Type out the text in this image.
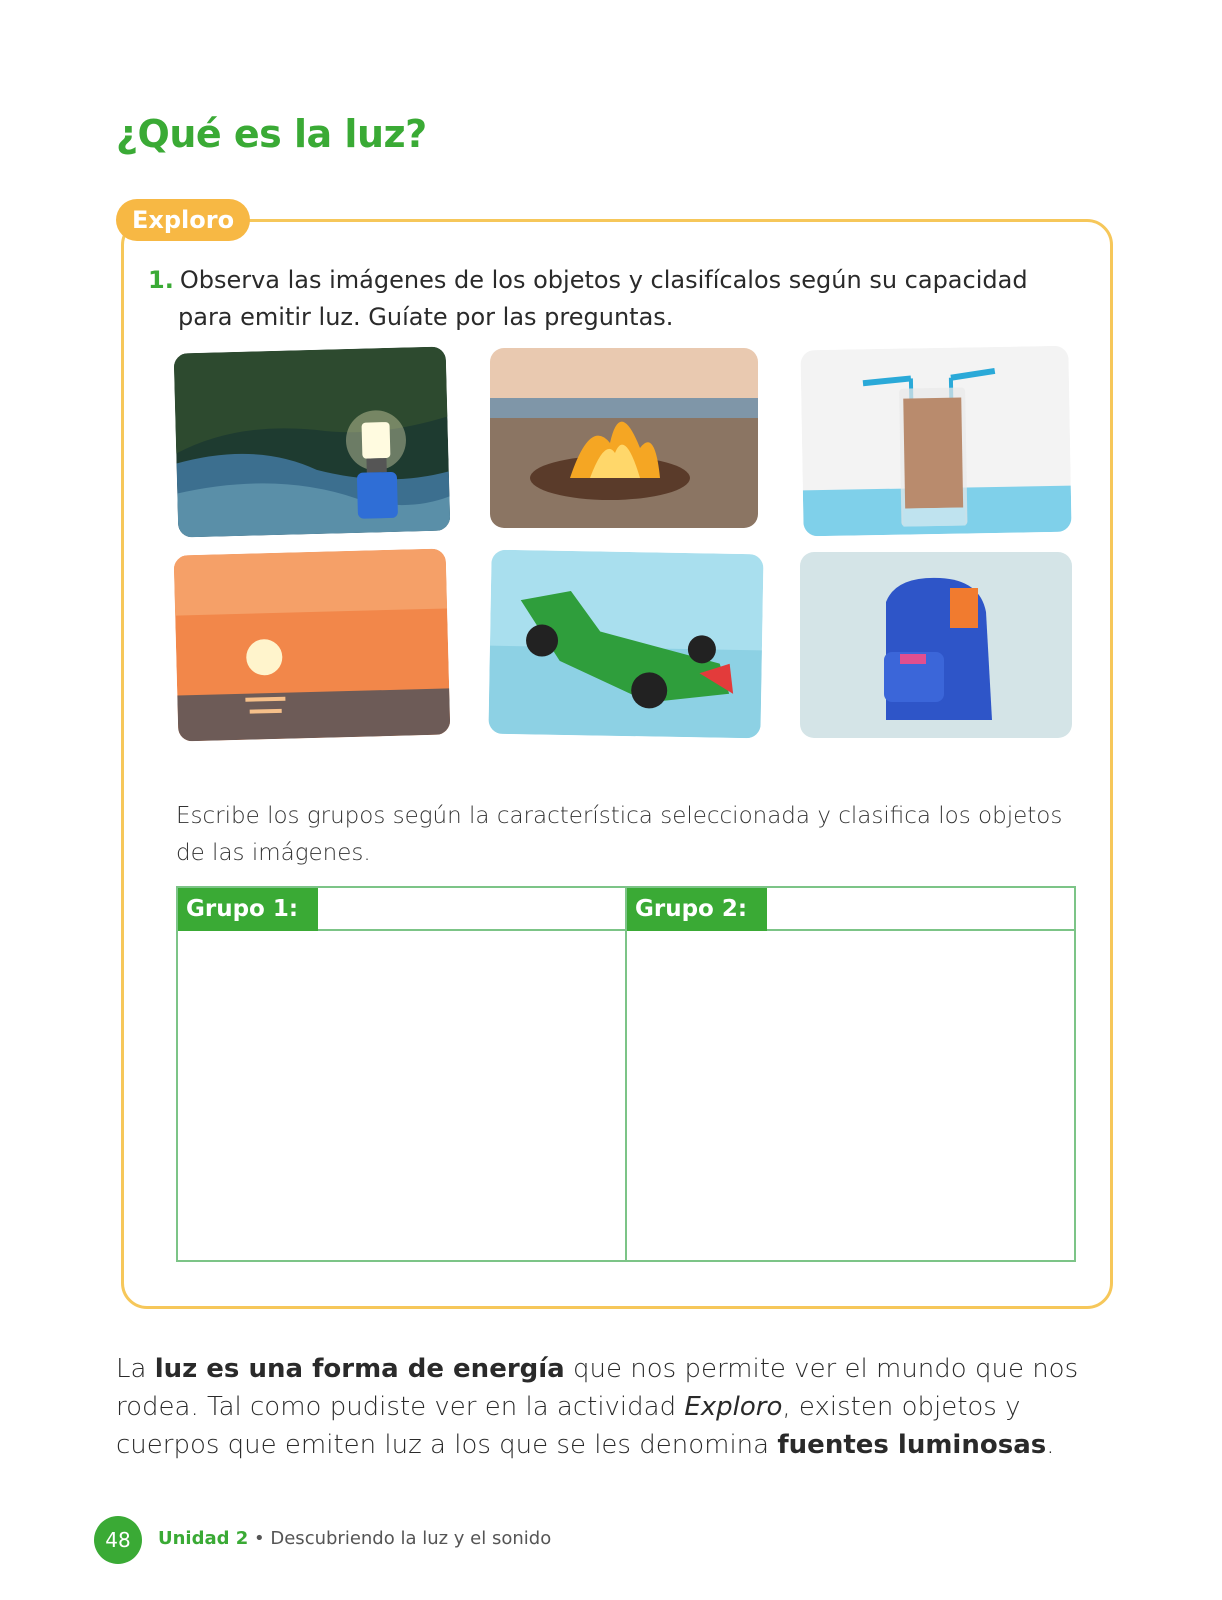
¿Qué es la luz?
Exploro
1. Observa las imágenes de los objetos y clasifícalos según su capacidad
para emitir luz. Guíate por las preguntas.
Escribe los grupos según la característica seleccionada y clasifica los objetos de las imágenes.
Grupo 1:	Grupo 2:
La luz es una forma de energía que nos permite ver el mundo que nos rodea. Tal como pudiste ver en la actividad Exploro, existen objetos y cuerpos que emiten luz a los que se les denomina fuentes luminosas.
48	Unidad 2 • Descubriendo la luz y el sonido
